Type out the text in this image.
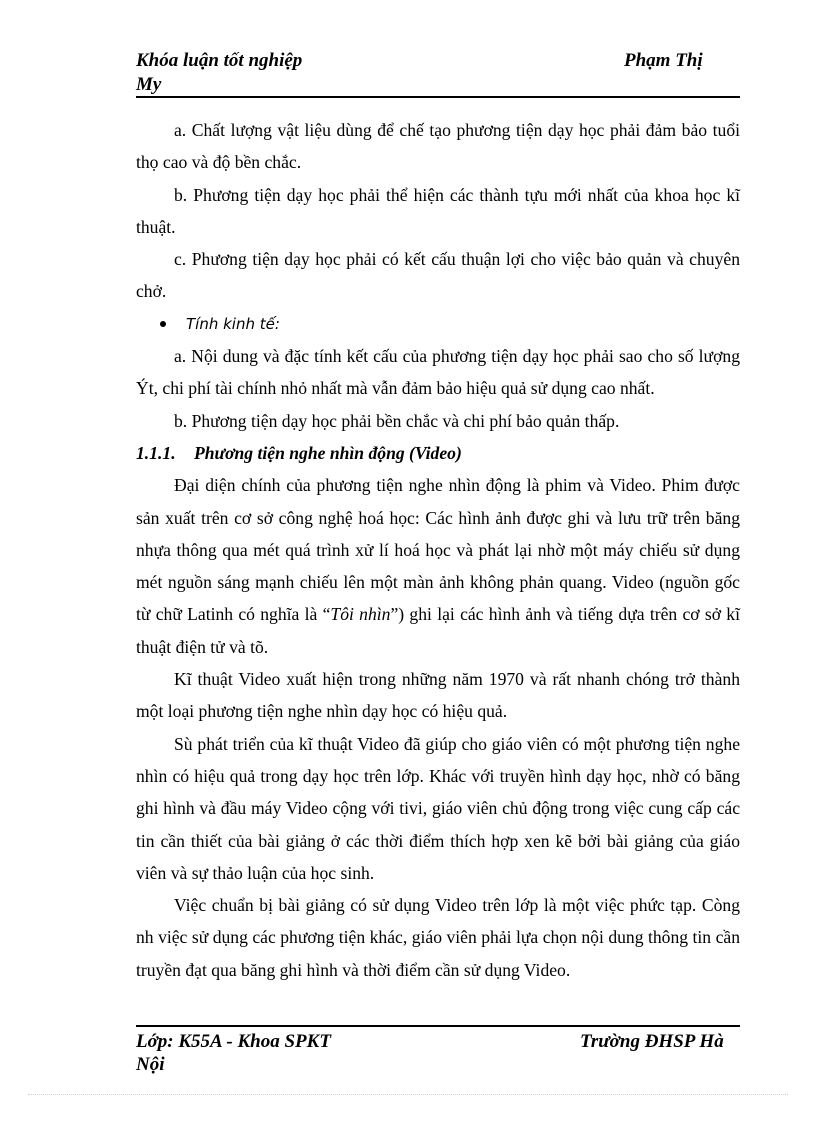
Khóa luận tốt nghiệp	Phạm Thị
My

a. Chất lượng vật liệu dùng để chế tạo phương tiện dạy học phải đảm bảo tuổi thọ cao và độ bền chắc.

b. Phương tiện dạy học phải thể hiện các thành tựu mới nhất của khoa học kĩ thuật.

c. Phương tiện dạy học phải có kết cấu thuận lợi cho việc bảo quản và chuyên chở.

Tính kinh tế:

a. Nội dung và đặc tính kết cấu của phương tiện dạy học phải sao cho số lượng Ýt, chi phí tài chính nhỏ nhất mà vẫn đảm bảo hiệu quả sử dụng cao nhất.

b. Phương tiện dạy học phải bền chắc và chi phí bảo quản thấp.

1.1.1. Phương tiện nghe nhìn động (Video)

Đại diện chính của phương tiện nghe nhìn động là phim và Video. Phim được sản xuất trên cơ sở công nghệ hoá học: Các hình ảnh được ghi và lưu trữ trên băng nhựa thông qua mét quá trình xử lí hoá học và phát lại nhờ một máy chiếu sử dụng mét nguồn sáng mạnh chiếu lên một màn ảnh không phản quang. Video (nguồn gốc từ chữ Latinh có nghĩa là “Tôi nhìn”) ghi lại các hình ảnh và tiếng dựa trên cơ sở kĩ thuật điện tử và tõ.

Kĩ thuật Video xuất hiện trong những năm 1970 và rất nhanh chóng trở thành một loại phương tiện nghe nhìn dạy học có hiệu quả.

Sù phát triển của kĩ thuật Video đã giúp cho giáo viên có một phương tiện nghe nhìn có hiệu quả trong dạy học trên lớp. Khác với truyền hình dạy học, nhờ có băng ghi hình và đầu máy Video cộng với tivi, giáo viên chủ động trong việc cung cấp các tin cần thiết của bài giảng ở các thời điểm thích hợp xen kẽ bởi bài giảng của giáo viên và sự thảo luận của học sinh.

Việc chuẩn bị bài giảng có sử dụng Video trên lớp là một việc phức tạp. Còng nh việc sử dụng các phương tiện khác, giáo viên phải lựa chọn nội dung thông tin cần truyền đạt qua băng ghi hình và thời điểm cần sử dụng Video.

Lớp: K55A - Khoa SPKT	Trường ĐHSP Hà
Nội
